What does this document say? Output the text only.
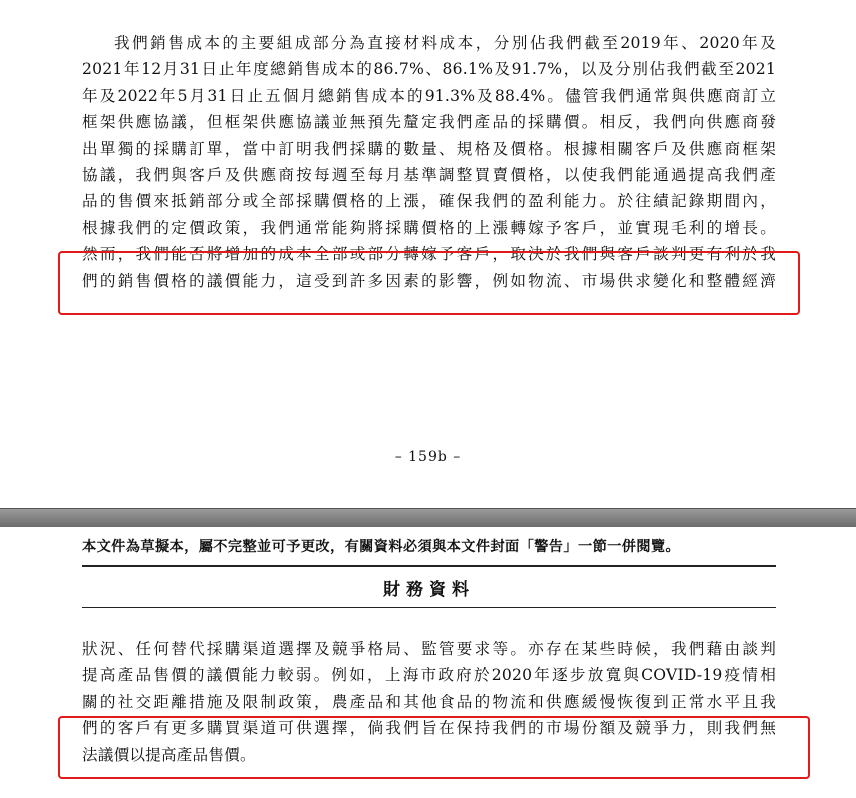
我們銷售成本的主要組成部分為直接材料成本，分別佔我們截至2019年、2020年及
2021年12月31日止年度總銷售成本的86.7%、86.1%及91.7%，以及分別佔我們截至2021
年及2022年5月31日止五個月總銷售成本的91.3%及88.4%。儘管我們通常與供應商訂立
框架供應協議，但框架供應協議並無預先釐定我們產品的採購價。相反，我們向供應商發
出單獨的採購訂單，當中訂明我們採購的數量、規格及價格。根據相關客戶及供應商框架
協議，我們與客戶及供應商按每週至每月基準調整買賣價格，以使我們能通過提高我們產
品的售價來抵銷部分或全部採購價格的上漲，確保我們的盈利能力。於往績記錄期間內，
根據我們的定價政策，我們通常能夠將採購價格的上漲轉嫁予客戶，並實現毛利的增長。
然而，我們能否將增加的成本全部或部分轉嫁予客戶，取決於我們與客戶談判更有利於我
們的銷售價格的議價能力，這受到許多因素的影響，例如物流、市場供求變化和整體經濟
– 159b –
本文件為草擬本，屬不完整並可予更改，有關資料必須與本文件封面「警告」一節一併閱覽。
財務資料
狀況、任何替代採購渠道選擇及競爭格局、監管要求等。亦存在某些時候，我們藉由談判
提高產品售價的議價能力較弱。例如，上海市政府於2020年逐步放寬與COVID-19疫情相
關的社交距離措施及限制政策，農產品和其他食品的物流和供應緩慢恢復到正常水平且我
們的客戶有更多購買渠道可供選擇，倘我們旨在保持我們的市場份額及競爭力，則我們無
法議價以提高產品售價。
